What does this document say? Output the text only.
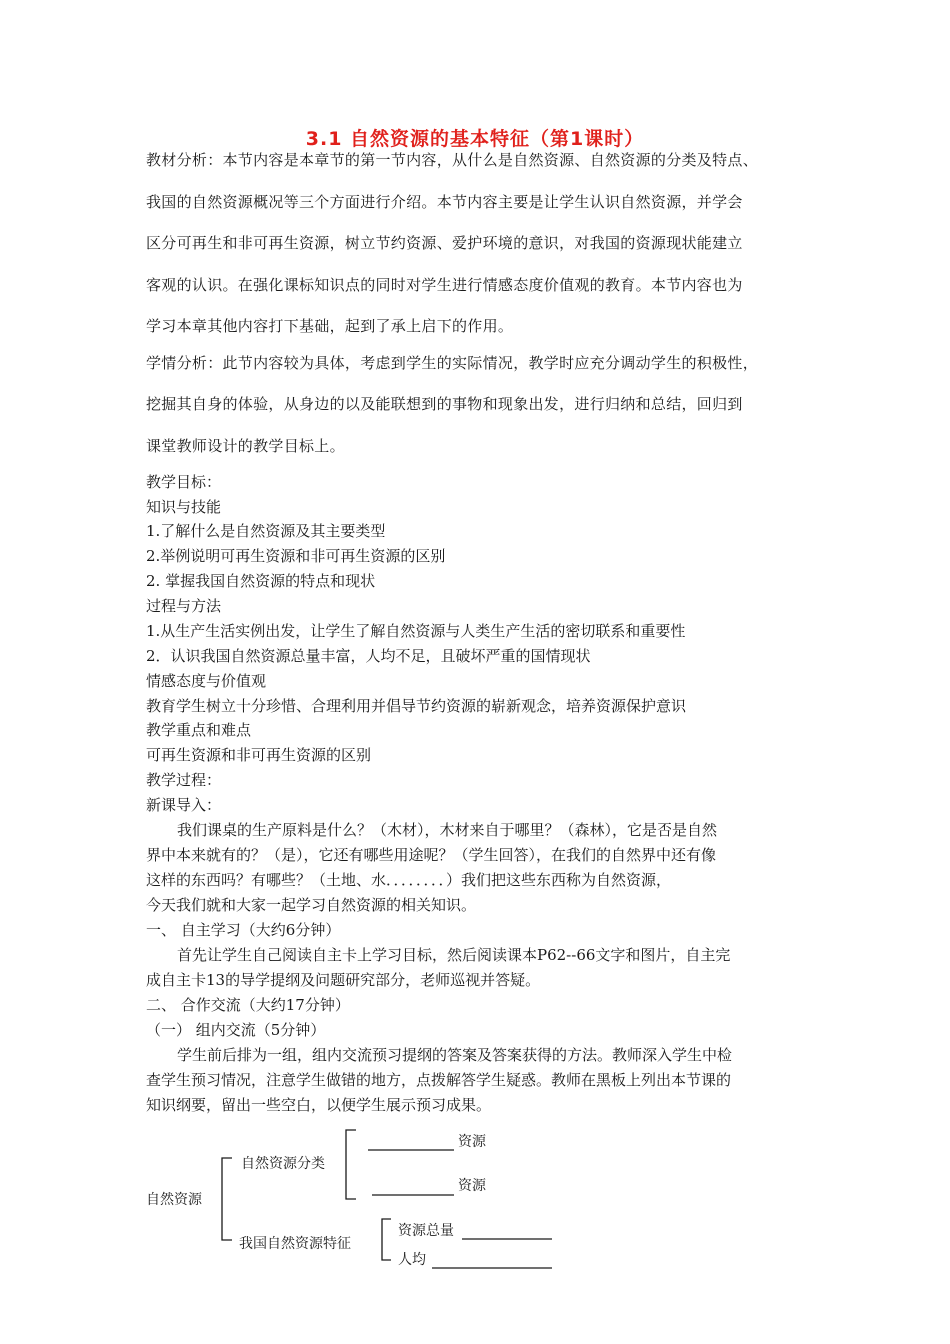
3.1 自然资源的基本特征（第1课时）
教材分析：本节内容是本章节的第一节内容，从什么是自然资源、自然资源的分类及特点、
我国的自然资源概况等三个方面进行介绍。本节内容主要是让学生认识自然资源，并学会
区分可再生和非可再生资源，树立节约资源、爱护环境的意识，对我国的资源现状能建立
客观的认识。在强化课标知识点的同时对学生进行情感态度价值观的教育。本节内容也为
学习本章其他内容打下基础，起到了承上启下的作用。
学情分析：此节内容较为具体，考虑到学生的实际情况，教学时应充分调动学生的积极性，
挖掘其自身的体验，从身边的以及能联想到的事物和现象出发，进行归纳和总结，回归到
课堂教师设计的教学目标上。
教学目标：
知识与技能
1.了解什么是自然资源及其主要类型
2.举例说明可再生资源和非可再生资源的区别
2. 掌握我国自然资源的特点和现状
过程与方法
1.从生产生活实例出发，让学生了解自然资源与人类生产生活的密切联系和重要性
2．认识我国自然资源总量丰富，人均不足，且破坏严重的国情现状
情感态度与价值观
教育学生树立十分珍惜、合理利用并倡导节约资源的崭新观念，培养资源保护意识
教学重点和难点
可再生资源和非可再生资源的区别
教学过程：
新课导入：
我们课桌的生产原料是什么？（木材），木材来自于哪里？（森林），它是否是自然
界中本来就有的？（是），它还有哪些用途呢？（学生回答），在我们的自然界中还有像
这样的东西吗？有哪些？（土地、水．．．．．．．．）我们把这些东西称为自然资源，
今天我们就和大家一起学习自然资源的相关知识。
一、 自主学习（大约6分钟）
首先让学生自己阅读自主卡上学习目标，然后阅读课本P62--66文字和图片，自主完
成自主卡13的导学提纲及问题研究部分，老师巡视并答疑。
二、 合作交流（大约17分钟）
（一） 组内交流（5分钟）
学生前后排为一组，组内交流预习提纲的答案及答案获得的方法。教师深入学生中检
查学生预习情况，注意学生做错的地方，点拨解答学生疑惑。教师在黑板上列出本节课的
知识纲要，留出一些空白，以便学生展示预习成果。
自然资源
自然资源分类
资源
资源
我国自然资源特征
资源总量
人均
